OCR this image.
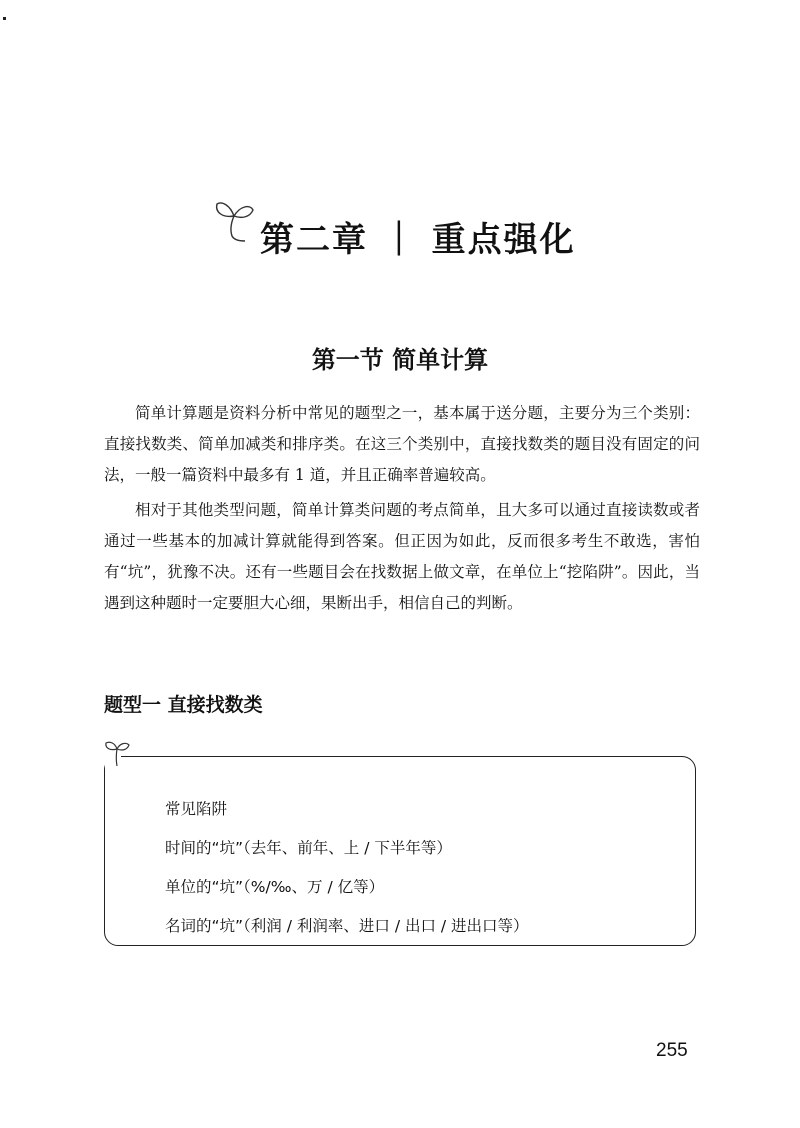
第二章 ｜ 重点强化
第一节 简单计算

简单计算题是资料分析中常见的题型之一，基本属于送分题，主要分为三个类别：直接找数类、简单加减类和排序类。在这三个类别中，直接找数类的题目没有固定的问法，一般一篇资料中最多有 1 道，并且正确率普遍较高。

相对于其他类型问题，简单计算类问题的考点简单，且大多可以通过直接读数或者通过一些基本的加减计算就能得到答案。但正因为如此，反而很多考生不敢选，害怕有“坑”，犹豫不决。还有一些题目会在找数据上做文章，在单位上“挖陷阱”。因此，当遇到这种题时一定要胆大心细，果断出手，相信自己的判断。

题型一 直接找数类
常见陷阱
时间的“坑”（去年、前年、上 / 下半年等）
单位的“坑”（%/‰、万 / 亿等）
名词的“坑”（利润 / 利润率、进口 / 出口 / 进出口等）
255
